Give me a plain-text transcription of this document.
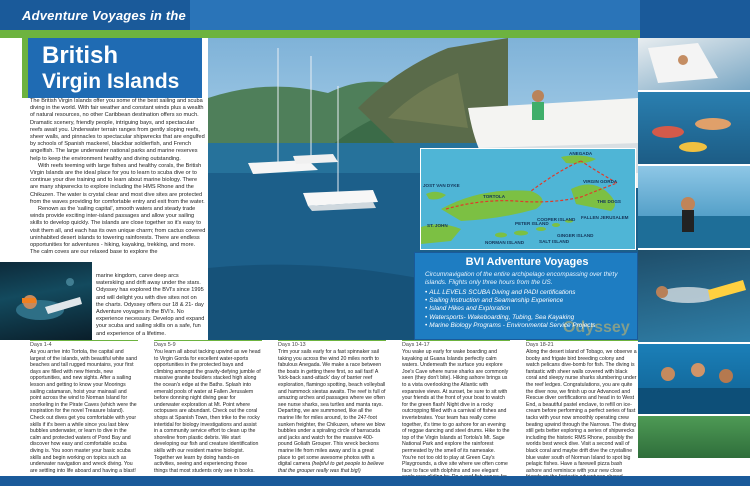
Adventure Voyages in the
British
Virgin Islands

The British Virgin Islands offer you some of the best sailing and scuba diving in the world. With fair weather and constant winds plus a wealth of natural resources, no other Caribbean destination offers so much. Dramatic scenery, friendly people, intriguing bays, and spectacular reefs await you. Underwater terrain ranges from gently sloping reefs, sheer walls, and pinnacles to spectacular shipwrecks that are engulfed by schools of Spanish mackerel, blackbar soldierfish, and French angelfish. The large underwater national parks and marine reserves help to keep the environment healthy and diving outstanding.

With reefs teeming with large fishes and healthy corals, the British Virgin Islands are the ideal place for you to learn to scuba dive or to continue your dive training and to learn about marine biology. There are many shipwrecks to explore including the HMS Rhone and the Chikuzen. The water is crystal clear and most dive sites are protected from the waves providing for comfortable entry and exit from the water.

Renown as the 'sailing capital', smooth waters and steady trade winds provide exciting inter-island passages and allow your sailing skills to develop quickly. The islands are close together so it's easy to visit them all, and each has its own unique charm; from cactus covered uninhabited desert islands to towering rainforests. There are endless opportunities for adventures - hiking, kayaking, trekking, and more. The calm coves are our relaxed base to explore the

marine kingdom, carve deep arcs waterskiing and drift away under the stars. Odyssey has explored the BVI's since 1995 and will delight you with dive sites not on the charts. Odyssey offers our 18 & 21- day Adventure voyages in the BVI's. No experience necessary. Develop and expand your scuba and sailing skills on a safe, fun and experience of a lifetime.
ANEGADA
VIRGIN GORDA
TORTOLA
JOST VAN DYKE
ST. JOHN
NORMAN ISLAND
PETER ISLAND
COOPER ISLAND
GINGER ISLAND
SALT ISLAND
FALLEN JERUSALEM
THE DOGS
Odyssey
BVI Adventure Voyages
Circumnavigation of the entire archipelago encompassing over thirty islands. Flights only three hours from the US.
• ALL LEVELS SCUBA Diving and PADI certifications
• Sailing Instruction and Seamanship Experience
• Island Hikes and Exploration
• Watersports- Wakeboarding, Tubing, Sea Kayaking
• Marine Biology Programs - Environmental Service Projects
Days 1-4
As you arrive into Tortola, the capital and largest of the islands, with beautiful white sand beaches and tall rugged mountains, your first days are filled with new friends, new opportunities, and new sights. After a sailing lesson and getting to know your Moorings sailing catamaran, hoist your mainsail and point across the wind to Norman Island for snorkeling in the Pirate Caves (which were the inspiration for the novel Treasure Island). Check out dives get you comfortable with your skills if it's been a while since you last blew bubbles underwater, or learn to dive in the calm and protected waters of Pond Bay and discover how easy and comfortable scuba diving is. You soon master your basic scuba skills and begin working on topics such as underwater navigation and wreck diving. You are settling into life aboard and having a blast!
Days 5-9
You learn all about tacking upwind as we head to Virgin Gorda for excellent water-sports opportunities in the protected bays and climbing amongst the gravity-defying jumble of massive granite boulders stacked high along the ocean's edge at the Baths. Splash into emerald pools of water at Fallen Jerusalem before donning night diving gear for underwater exploration at Mt. Point where octopuses are abundant. Check out the coral shops at Spanish Town, then trike to the rocky intertidal for biology investigations and assist in a community service effort to clean up the shoreline from plastic debris. We start developing our fish and creature identification skills with our resident marine biologist. Together we learn by doing hands-on activities, seeing and experiencing those things that most students only see in books.
Days 10-13
Trim your sails early for a fast spinnaker sail taking you across the wind 20 miles north to fabulous Anegada. We make a race between the boats in getting there first, so sail fast! A 'kick-back sand-attack' day of barrier reef exploration, flamingo spotting, beach volleyball and hammock siestas awaits. The reef is full of amazing arches and passages where we often see nurse sharks, sea turtles and manta rays. Departing, we are summoned, like all the marine life for miles around, to the 247-foot sunken freighter, the Chikuzen, where we blow bubbles under a spiraling circle of barracuda and jacks and watch for the massive 400-pound Goliath Grouper. This wreck beckons marine life from miles away and is a great place to get some awesome photos with a digital camera (helpful to get people to believe that the grouper really was that big!)
Days 14-17
You wake up early for wake boarding and kayaking at Guana Islands perfectly calm waters. Underneath the surface you explore Joe's Cave where nurse sharks are commonly seen (they don't bite). Hiking ashore brings us to a vista overlooking the Atlantic with expansive views. At sunset, be sure to sit with your friends at the front of your boat to watch for the green flash! Night dive in a rocky outcropping filled with a carnival of fishes and invertebrates. Your team has really come together, it's time to go ashore for an evening of reggae dancing and steel drums. Hike to the top of the Virgin Islands at Tortola's Mt. Sage National Park and explore the rainforest permeated by the smell of its namesake. You're not too old to play at Green Cay's Playgrounds, a dive site where we often come face to face with dolphins and see elegant
Days 18-21
Along the desert island of Tobago, we observe a booby and frigate bird breeding colony and watch pelicans dive-bomb for fish. The diving is fantastic with sheer walls covered with black coral and sleepy nurse sharks slumbering under the reef ledges. Congratulations, you are quite the diver now, we finish up our Advanced and Rescue diver certifications and head in to West End, a beautiful pastel enclave, to refill on ice-cream before performing a perfect series of fast tacks with your now smoothly operating crew beating upwind through the Narrows. The diving still gets better exploring a series of shipwrecks including the historic RMS Rhone, possibly the worlds best wreck dive. Visit a second wall of black coral and maybe drift dive the crystalline blue water south of Norman Island to spot big pelagic fishes. Have a farewell pizza bash ashore and reminisce with your new close
